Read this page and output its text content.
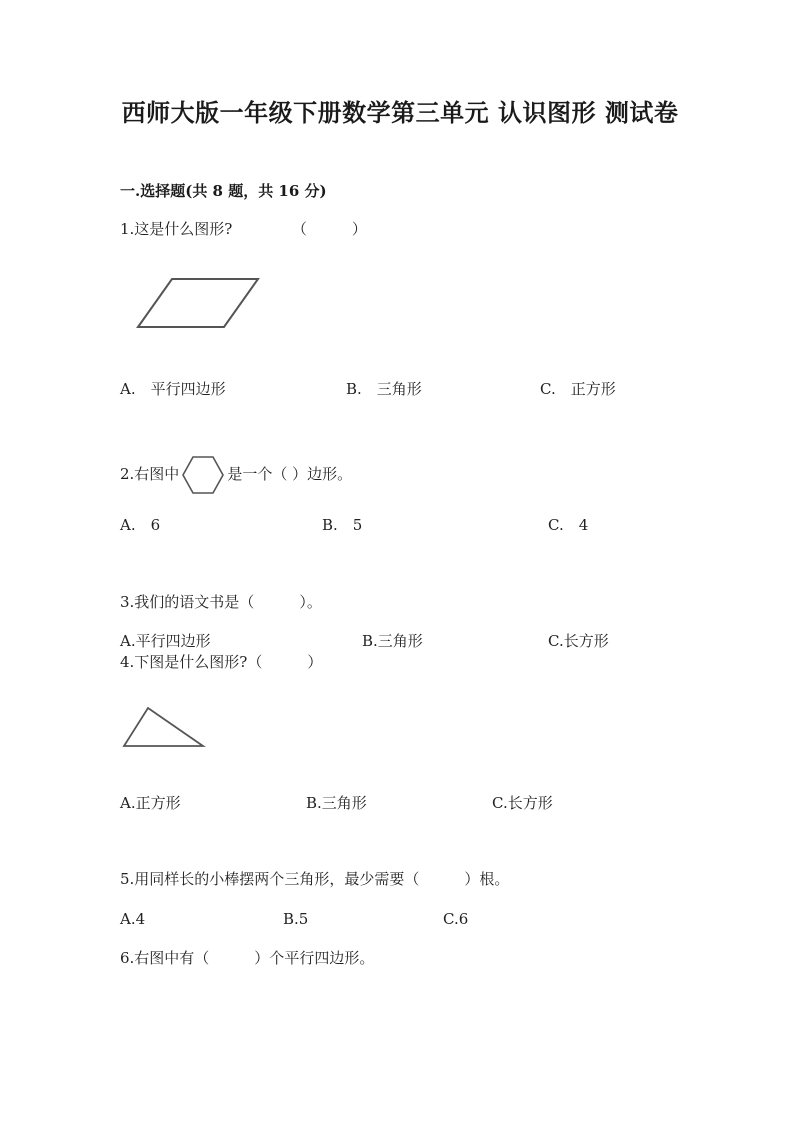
西师大版一年级下册数学第三单元 认识图形 测试卷
一.选择题(共 8 题，共 16 分)
1.这是什么图形?	（　　　）
A.　平行四边形	B.　三角形	C.　正方形
2.右图中	是一个（ ）边形。
A.　6	B.　5	C.　4
3.我们的语文书是（　　　）。
A.平行四边形	B.三角形	C.长方形
4.下图是什么图形?（　　　）
A.正方形	B.三角形	C.长方形
5.用同样长的小棒摆两个三角形，最少需要（　　　）根。
A.4	B.5	C.6
6.右图中有（　　　）个平行四边形。
